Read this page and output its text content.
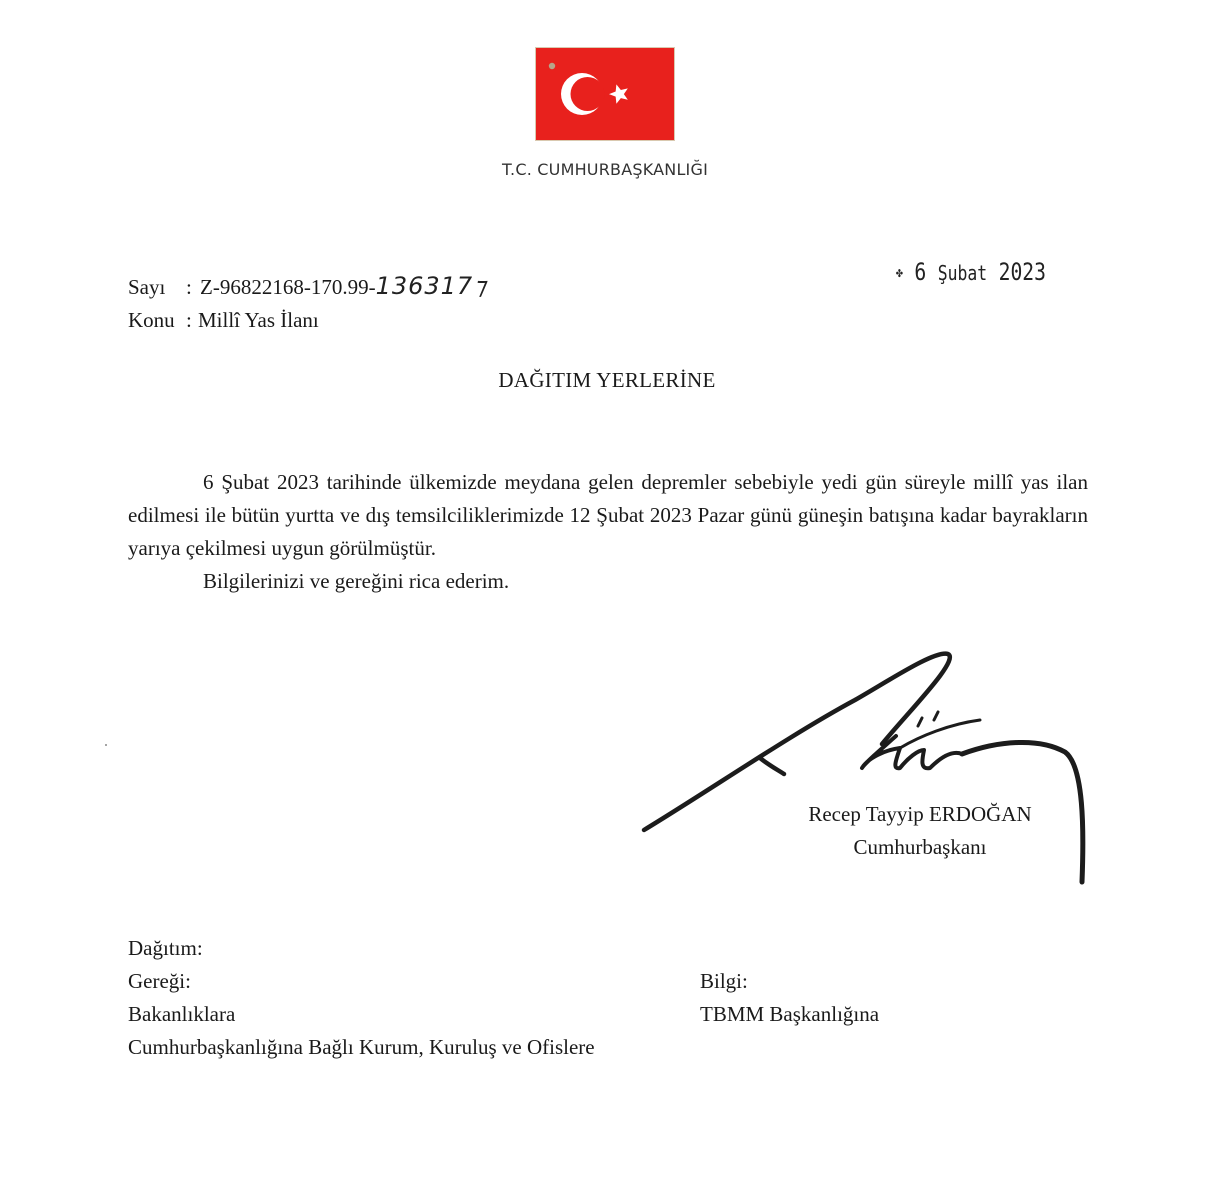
T.C. CUMHURBAŞKANLIĞI
Sayı : Z-96822168-170.99-136317⁊
Konu : Millî Yas İlanı
✤ 6 Şubat 2023
DAĞITIM YERLERİNE

6 Şubat 2023 tarihinde ülkemizde meydana gelen depremler sebebiyle yedi gün süreyle millî yas ilan edilmesi ile bütün yurtta ve dış temsilciliklerimizde 12 Şubat 2023 Pazar günü güneşin batışına kadar bayrakların yarıya çekilmesi uygun görülmüştür.

Bilgilerinizi ve gereğini rica ederim.

Recep Tayyip ERDOĞAN
Cumhurbaşkanı
Dağıtım:
Gereği:
Bakanlıklara
Cumhurbaşkanlığına Bağlı Kurum, Kuruluş ve Ofislere
Bilgi:
TBMM Başkanlığına
